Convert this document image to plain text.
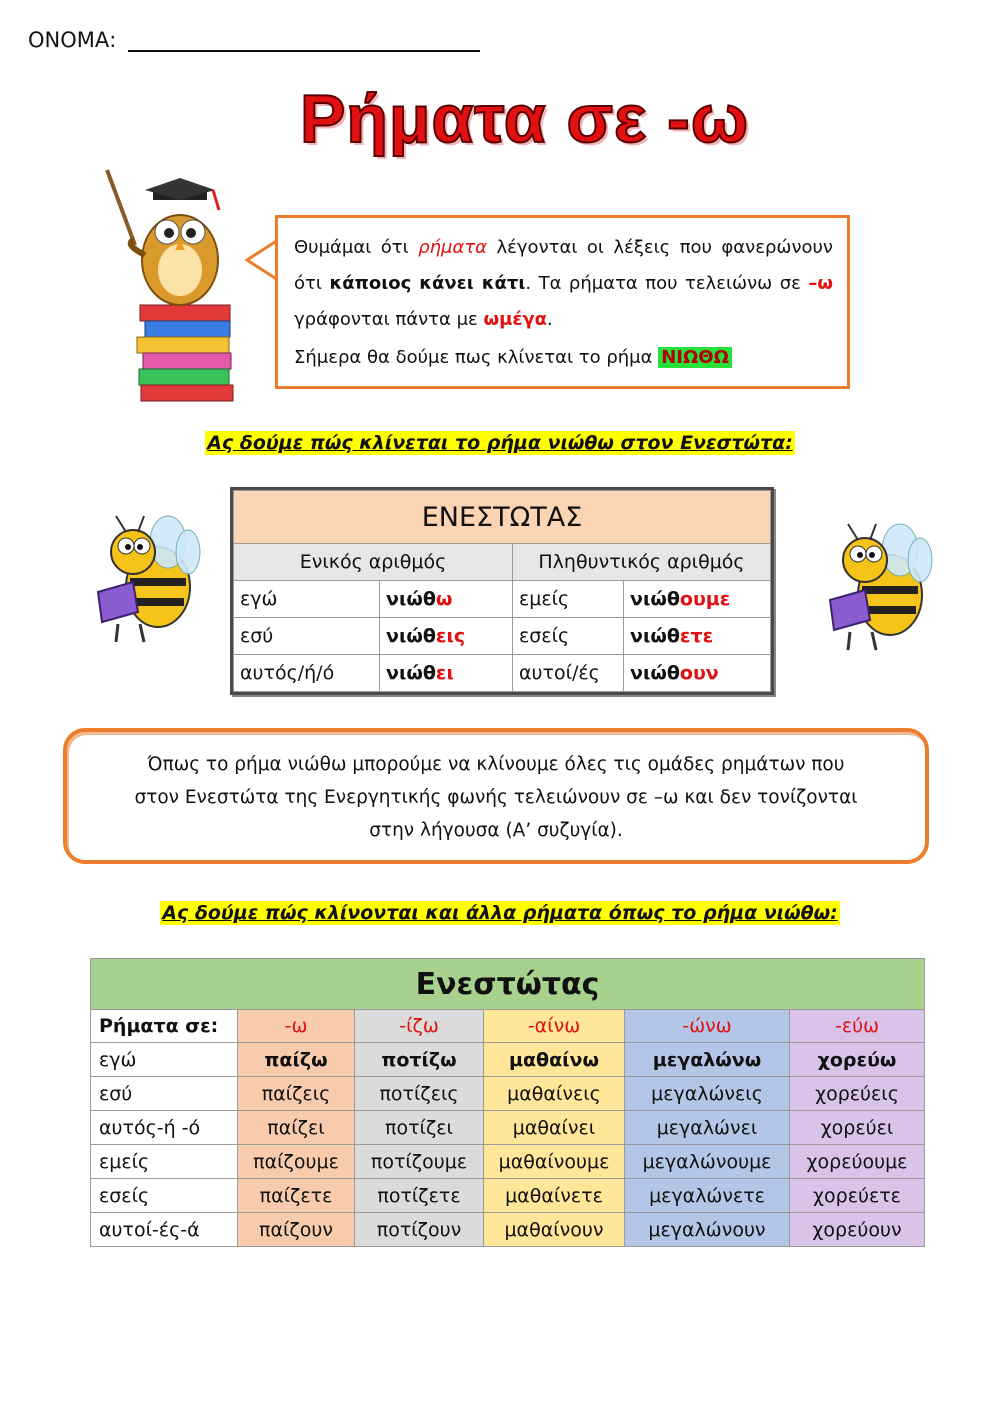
ΟΝΟΜΑ:
Ρήματα σε -ω

Θυμάμαι ότι ρήματα λέγονται οι λέξεις που φανερώνουν ότι κάποιος κάνει κάτι. Τα ρήματα που τελειώνω σε –ω γράφονται πάντα με ωμέγα.

Σήμερα θα δούμε πως κλίνεται το ρήμα ΝΙΩΘΩ

Ας δούμε πώς κλίνεται το ρήμα νιώθω στον Ενεστώτα:
ΕΝΕΣΤΩΤΑΣ			
Ενικός αριθμός		Πληθυντικός αριθμός	
εγώ	νιώθω	εμείς	νιώθουμε
εσύ	νιώθεις	εσείς	νιώθετε
αυτός/ή/ό	νιώθει	αυτοί/ές	νιώθουν
Όπως το ρήμα νιώθω μπορούμε να κλίνουμε όλες τις ομάδες ρημάτων που
στον Ενεστώτα της Ενεργητικής φωνής τελειώνουν σε –ω και δεν τονίζονται
στην λήγουσα (Α’ συζυγία).
Ας δούμε πώς κλίνονται και άλλα ρήματα όπως το ρήμα νιώθω:
Ενεστώτας					
Ρήματα σε:	-ω	-ίζω	-αίνω	-ώνω	-εύω
εγώ	παίζω	ποτίζω	μαθαίνω	μεγαλώνω	χορεύω
εσύ	παίζεις	ποτίζεις	μαθαίνεις	μεγαλώνεις	χορεύεις
αυτός-ή -ό	παίζει	ποτίζει	μαθαίνει	μεγαλώνει	χορεύει
εμείς	παίζουμε	ποτίζουμε	μαθαίνουμε	μεγαλώνουμε	χορεύουμε
εσείς	παίζετε	ποτίζετε	μαθαίνετε	μεγαλώνετε	χορεύετε
αυτοί-ές-ά	παίζουν	ποτίζουν	μαθαίνουν	μεγαλώνουν	χορεύουν
